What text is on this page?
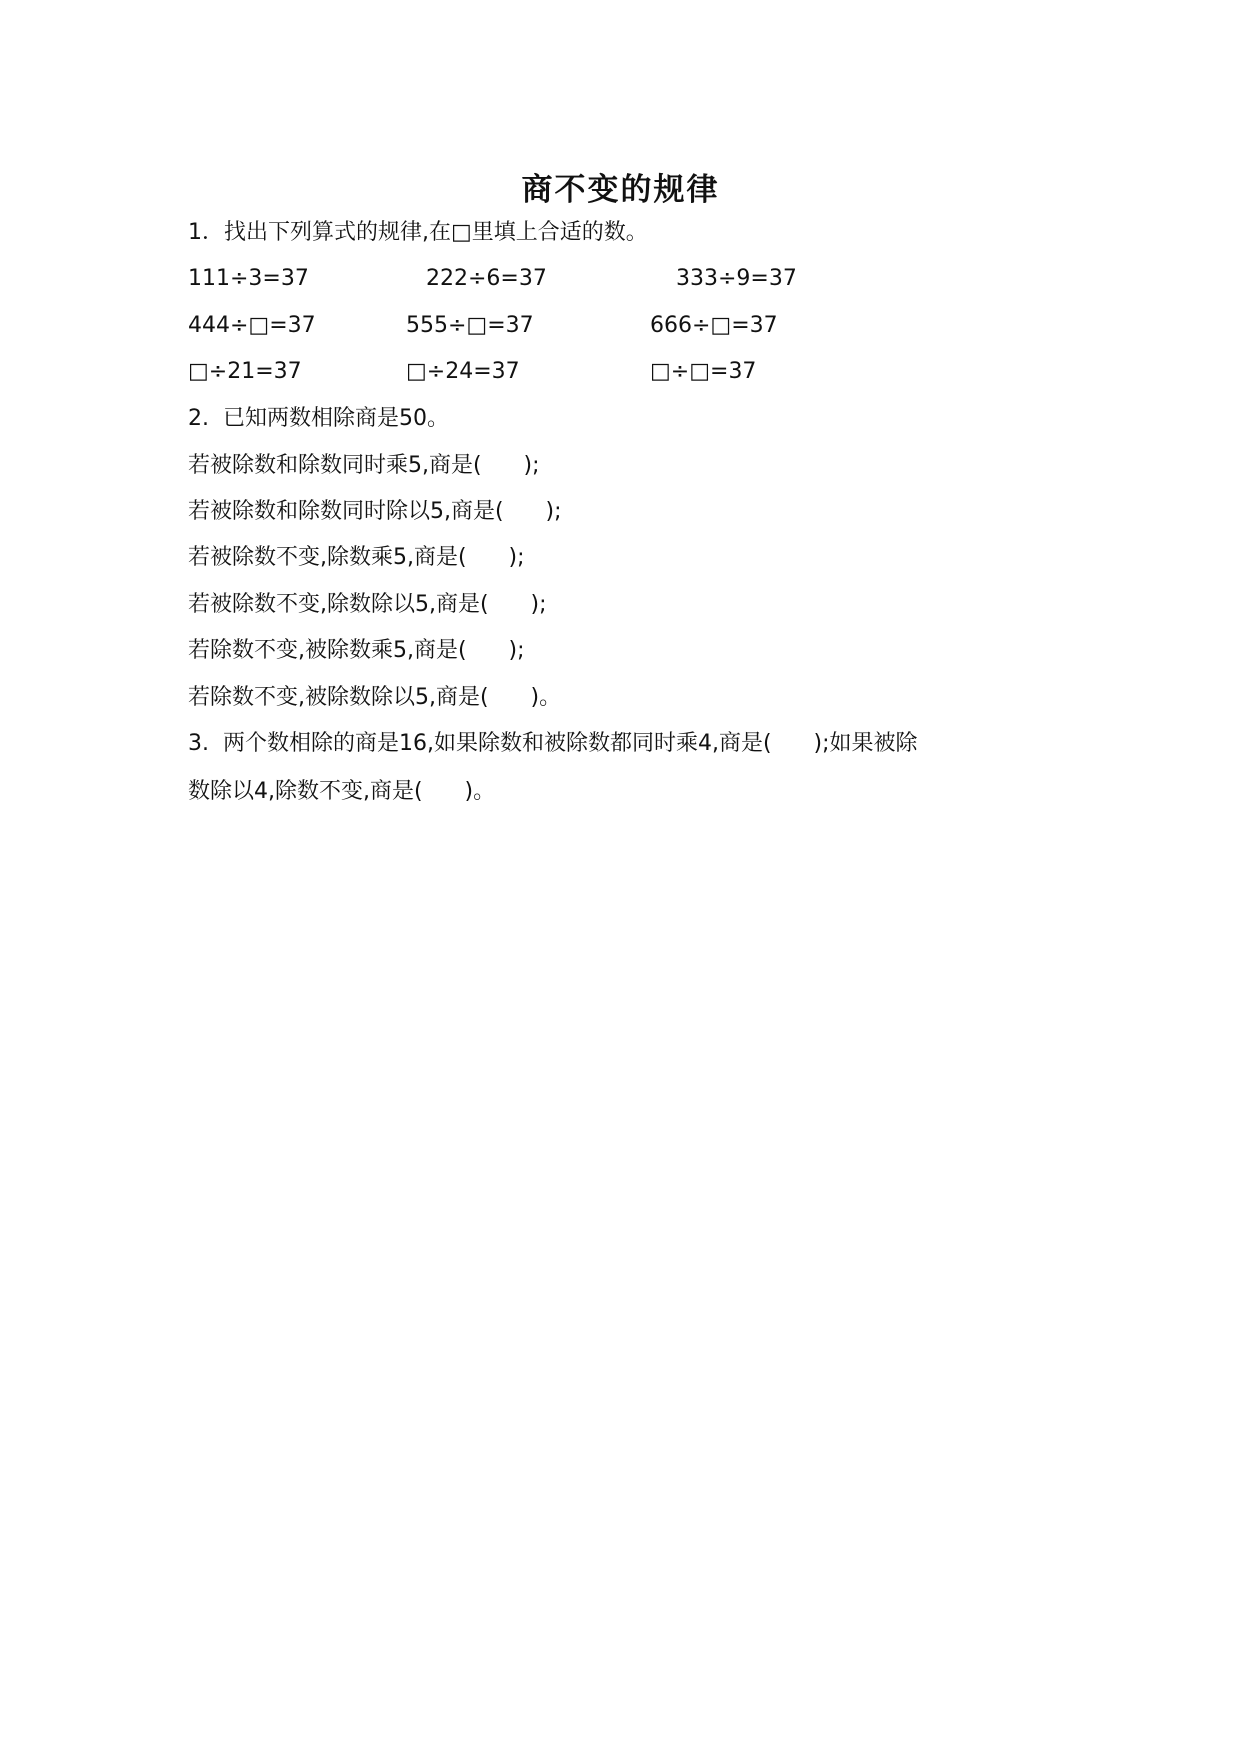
商不变的规律
1．找出下列算式的规律,在□里填上合适的数。
111÷3=37	222÷6=37	333÷9=37
444÷□=37	555÷□=37	666÷□=37
□÷21=37	□÷24=37	□÷□=37
2.  已知两数相除商是50。
若被除数和除数同时乘5,商是(      );
若被除数和除数同时除以5,商是(      );
若被除数不变,除数乘5,商是(      );
若被除数不变,除数除以5,商是(      );
若除数不变,被除数乘5,商是(      );
若除数不变,被除数除以5,商是(      )。
3.  两个数相除的商是16,如果除数和被除数都同时乘4,商是(      );如果被除
数除以4,除数不变,商是(      )。
